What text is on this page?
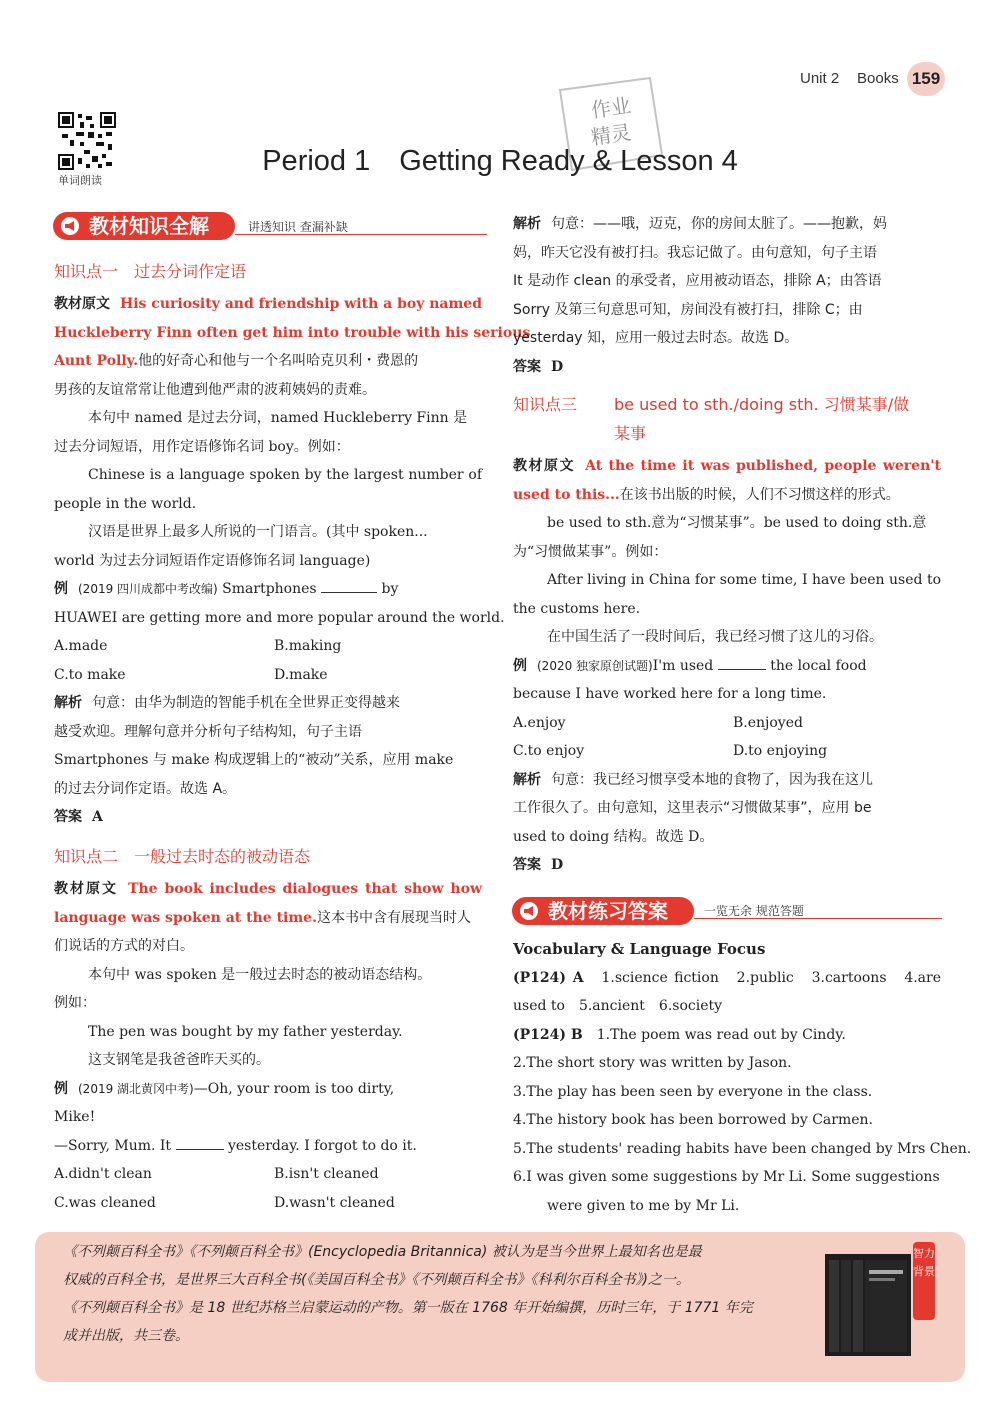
Unit 2 Books 159
单词朗读
作业
精灵
Period 1　Getting Ready & Lesson 4
教材知识全解	讲透知识 查漏补缺
知识点一　过去分词作定语
教材原文 His curiosity and friendship with a boy named
Huckleberry Finn often get him into trouble with his serious
Aunt Polly.他的好奇心和他与一个名叫哈克贝利・费恩的
男孩的友谊常常让他遭到他严肃的波莉姨妈的责难。
本句中 named 是过去分词，named Huckleberry Finn 是
过去分词短语，用作定语修饰名词 boy。例如：
Chinese is a language spoken by the largest number of
people in the world.
汉语是世界上最多人所说的一门语言。(其中 spoken...
world 为过去分词短语作定语修饰名词 language)
例 (2019 四川成都中考改编) Smartphones	by
HUAWEI are getting more and more popular around the world.
A.made	B.making
C.to make	D.make
解析 句意：由华为制造的智能手机在全世界正变得越来
越受欢迎。理解句意并分析句子结构知，句子主语
Smartphones 与 make 构成逻辑上的“被动”关系，应用 make
的过去分词作定语。故选 A。
答案 A
知识点二　一般过去时态的被动语态
教材原文 The book includes dialogues that show how
language was spoken at the time.这本书中含有展现当时人
们说话的方式的对白。
本句中 was spoken 是一般过去时态的被动语态结构。
例如：
The pen was bought by my father yesterday.
这支钢笔是我爸爸昨天买的。
例 (2019 湖北黄冈中考)—Oh, your room is too dirty,
Mike!
—Sorry, Mum. It	yesterday. I forgot to do it.
A.didn't clean	B.isn't cleaned
C.was cleaned	D.wasn't cleaned
解析 句意：——哦，迈克，你的房间太脏了。——抱歉，妈
妈，昨天它没有被打扫。我忘记做了。由句意知，句子主语
It 是动作 clean 的承受者，应用被动语态，排除 A；由答语
Sorry 及第三句意思可知，房间没有被打扫，排除 C；由
yesterday 知，应用一般过去时态。故选 D。
答案 D
知识点三 be used to sth./doing sth. 习惯某事/做
某事
教材原文 At the time it was published, people weren't
used to this...在该书出版的时候，人们不习惯这样的形式。
be used to sth.意为“习惯某事”。be used to doing sth.意
为“习惯做某事”。例如：
After living in China for some time, I have been used to
the customs here.
在中国生活了一段时间后，我已经习惯了这儿的习俗。
例 (2020 独家原创试题)I'm used	the local food
because I have worked here for a long time.
A.enjoy	B.enjoyed
C.to enjoy	D.to enjoying
解析 句意：我已经习惯享受本地的食物了，因为我在这儿
工作很久了。由句意知，这里表示“习惯做某事”，应用 be
used to doing 结构。故选 D。
答案 D
教材练习答案	一览无余 规范答题
Vocabulary & Language Focus
(P124) A　 1.science fiction　2.public　3.cartoons　4.are
used to　5.ancient　6.society
(P124) B　 1.The poem was read out by Cindy.
2.The short story was written by Jason.
3.The play has been seen by everyone in the class.
4.The history book has been borrowed by Carmen.
5.The students' reading habits have been changed by Mrs Chen.
6.I was given some suggestions by Mr Li. Some suggestions
were given to me by Mr Li.
《不列颠百科全书》《不列颠百科全书》(Encyclopedia Britannica) 被认为是当今世界上最知名也是最
权威的百科全书，是世界三大百科全书(《美国百科全书》《不列颠百科全书》《科利尔百科全书》)之一。
《不列颠百科全书》是 18 世纪苏格兰启蒙运动的产物。第一版在 1768 年开始编撰，历时三年，于 1771 年完
成并出版，共三卷。
智力背景
